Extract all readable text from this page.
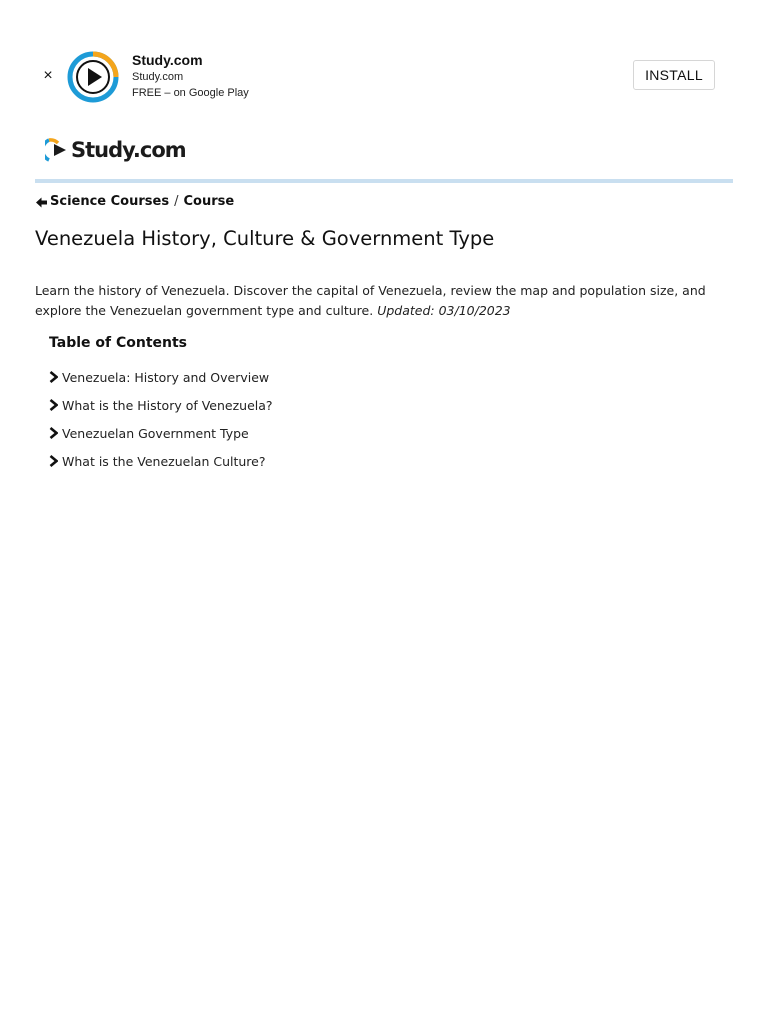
×
Study.com
Study.com
FREE – on Google Play
INSTALL
Study.com
Science Courses / Course
Venezuela History, Culture & Government Type

Learn the history of Venezuela. Discover the capital of Venezuela, review the map and population size, and explore the Venezuelan government type and culture. Updated: 03/10/2023

Table of Contents
Venezuela: History and Overview
What is the History of Venezuela?
Venezuelan Government Type
What is the Venezuelan Culture?
